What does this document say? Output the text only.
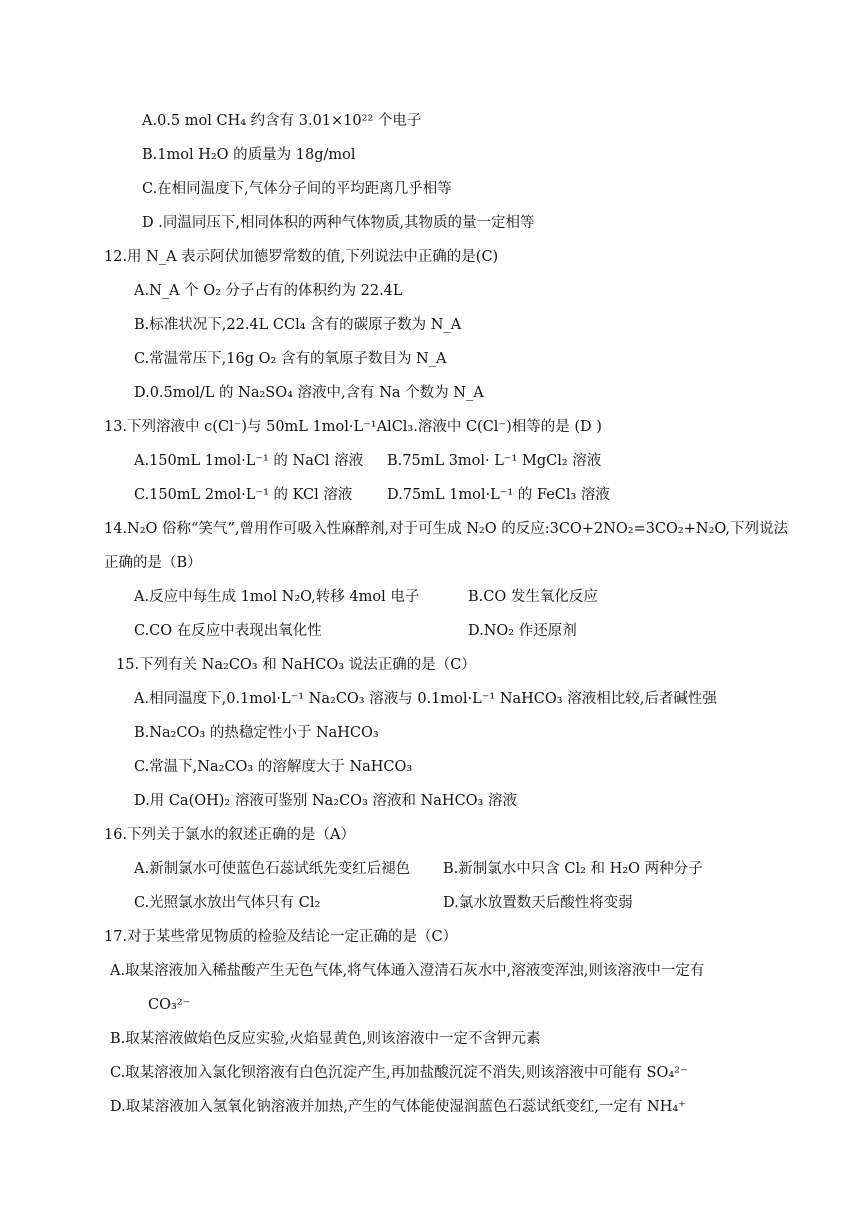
A.0.5 mol CH₄ 约含有 3.01×10²² 个电子
B.1mol H₂O 的质量为 18g/mol
C.在相同温度下,气体分子间的平均距离几乎相等
D .同温同压下,相同体积的两种气体物质,其物质的量一定相等
12.用 N_A 表示阿伏加德罗常数的值,下列说法中正确的是(C)
A.N_A 个 O₂ 分子占有的体积约为 22.4L
B.标准状况下,22.4L CCl₄ 含有的碳原子数为 N_A
C.常温常压下,16g O₂ 含有的氧原子数目为 N_A
D.0.5mol/L 的 Na₂SO₄ 溶液中,含有 Na 个数为 N_A
13.下列溶液中 c(Cl⁻)与 50mL 1mol·L⁻¹AlCl₃.溶液中 C(Cl⁻)相等的是 (D )
A.150mL 1mol·L⁻¹ 的 NaCl 溶液 B.75mL 3mol· L⁻¹ MgCl₂ 溶液
C.150mL 2mol·L⁻¹ 的 KCl 溶液 D.75mL 1mol·L⁻¹ 的 FeCl₃ 溶液
14.N₂O 俗称“笑气”,曾用作可吸入性麻醉剂,对于可生成 N₂O 的反应:3CO+2NO₂=3CO₂+N₂O,下列说法
正确的是（B）
A.反应中每生成 1mol N₂O,转移 4mol 电子	B.CO 发生氧化反应
C.CO 在反应中表现出氧化性	D.NO₂ 作还原剂
15.下列有关 Na₂CO₃ 和 NaHCO₃ 说法正确的是（C）
A.相同温度下,0.1mol·L⁻¹ Na₂CO₃ 溶液与 0.1mol·L⁻¹ NaHCO₃ 溶液相比较,后者碱性强
B.Na₂CO₃ 的热稳定性小于 NaHCO₃
C.常温下,Na₂CO₃ 的溶解度大于 NaHCO₃
D.用 Ca(OH)₂ 溶液可鉴别 Na₂CO₃ 溶液和 NaHCO₃ 溶液
16.下列关于氯水的叙述正确的是（A）
A.新制氯水可使蓝色石蕊试纸先变红后褪色 B.新制氯水中只含 Cl₂ 和 H₂O 两种分子
C.光照氯水放出气体只有 Cl₂	D.氯水放置数天后酸性将变弱
17.对于某些常见物质的检验及结论一定正确的是（C）
A.取某溶液加入稀盐酸产生无色气体,将气体通入澄清石灰水中,溶液变浑浊,则该溶液中一定有
CO₃²⁻
B.取某溶液做焰色反应实验,火焰显黄色,则该溶液中一定不含钾元素
C.取某溶液加入氯化钡溶液有白色沉淀产生,再加盐酸沉淀不消失,则该溶液中可能有 SO₄²⁻
D.取某溶液加入氢氧化钠溶液并加热,产生的气体能使湿润蓝色石蕊试纸变红,一定有 NH₄⁺
